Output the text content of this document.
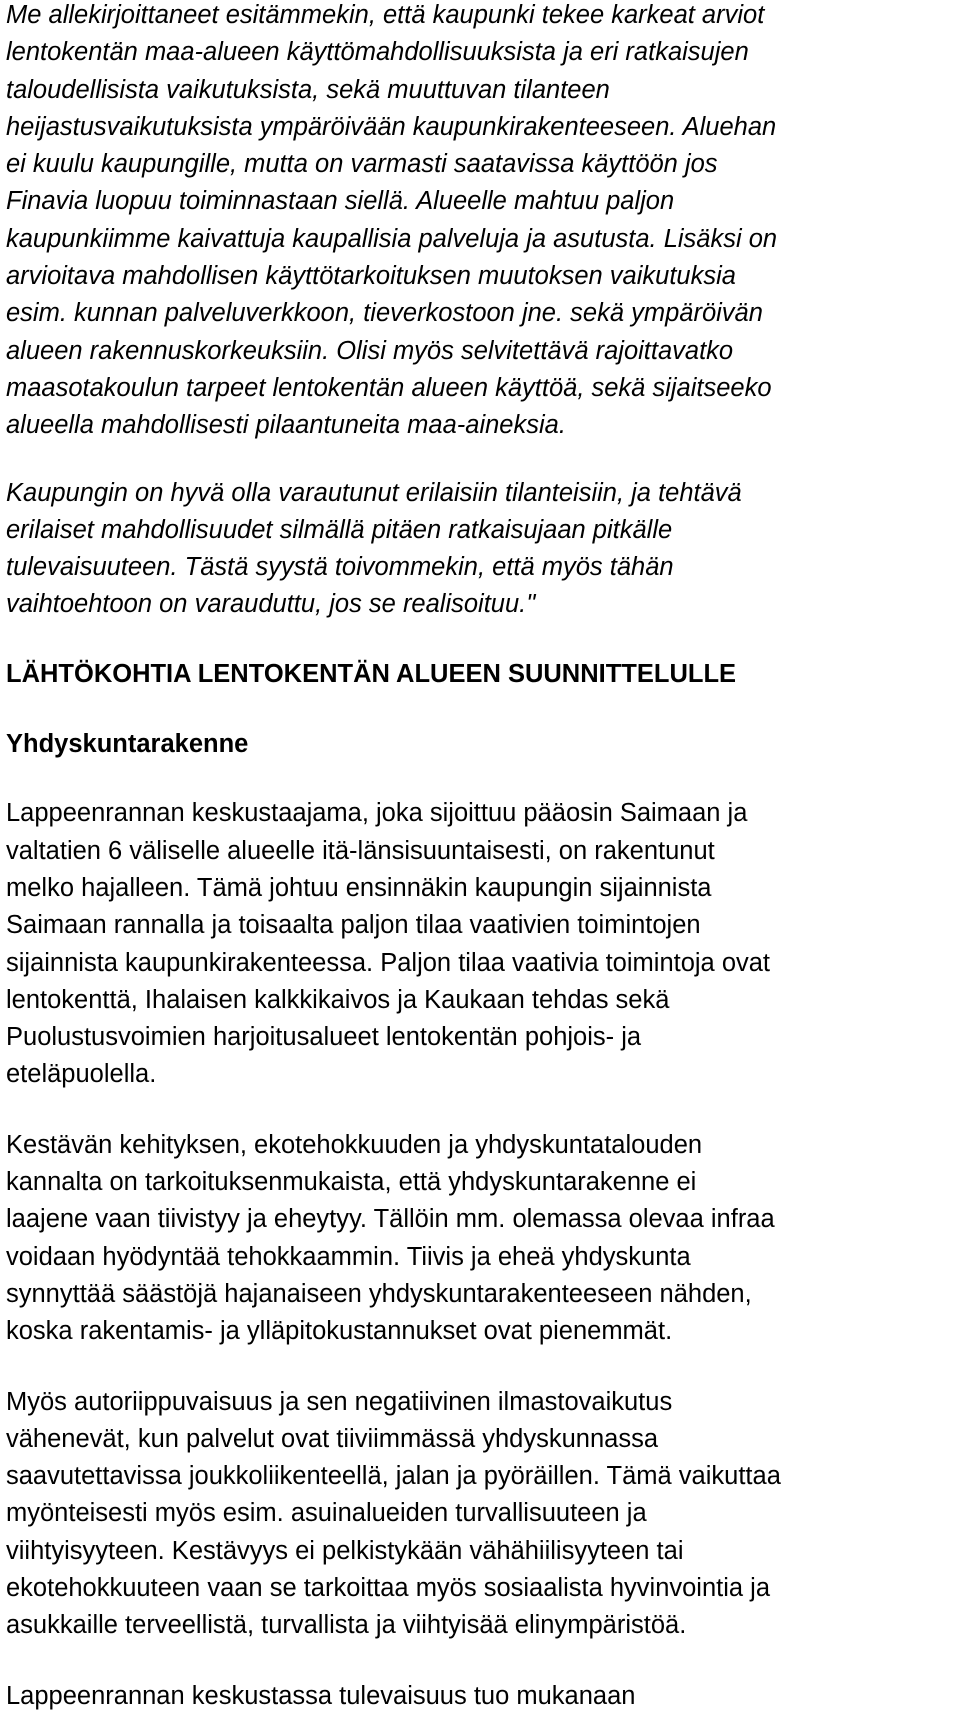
Me allekirjoittaneet esitämmekin, että kaupunki tekee karkeat arviot
lentokentän maa-alueen käyttömahdollisuuksista ja eri ratkaisujen
taloudellisista vaikutuksista, sekä muuttuvan tilanteen
heijastusvaikutuksista ympäröivään kaupunkirakenteeseen. Aluehan
ei kuulu kaupungille, mutta on varmasti saatavissa käyttöön jos
Finavia luopuu toiminnastaan siellä. Alueelle mahtuu paljon
kaupunkiimme kaivattuja kaupallisia palveluja ja asutusta. Lisäksi on
arvioitava mahdollisen käyttötarkoituksen muutoksen vaikutuksia
esim. kunnan palveluverkkoon, tieverkostoon jne. sekä ympäröivän
alueen rakennuskorkeuksiin. Olisi myös selvitettävä rajoittavatko
maasotakoulun tarpeet lentokentän alueen käyttöä, sekä sijaitseeko
alueella mahdollisesti pilaantuneita maa-aineksia.

Kaupungin on hyvä olla varautunut erilaisiin tilanteisiin, ja tehtävä
erilaiset mahdollisuudet silmällä pitäen ratkaisujaan pitkälle
tulevaisuuteen. Tästä syystä toivommekin, että myös tähän
vaihtoehtoon on varauduttu, jos se realisoituu."

LÄHTÖKOHTIA LENTOKENTÄN ALUEEN SUUNNITTELULLE
Yhdyskuntarakenne

Lappeenrannan keskustaajama, joka sijoittuu pääosin Saimaan ja
valtatien 6 väliselle alueelle itä-länsisuuntaisesti, on rakentunut
melko hajalleen. Tämä johtuu ensinnäkin kaupungin sijainnista
Saimaan rannalla ja toisaalta paljon tilaa vaativien toimintojen
sijainnista kaupunkirakenteessa. Paljon tilaa vaativia toimintoja ovat
lentokenttä, Ihalaisen kalkkikaivos ja Kaukaan tehdas sekä
Puolustusvoimien harjoitusalueet lentokentän pohjois- ja
eteläpuolella.

Kestävän kehityksen, ekotehokkuuden ja yhdyskuntatalouden
kannalta on tarkoituksenmukaista, että yhdyskuntarakenne ei
laajene vaan tiivistyy ja eheytyy. Tällöin mm. olemassa olevaa infraa
voidaan hyödyntää tehokkaammin. Tiivis ja eheä yhdyskunta
synnyttää säästöjä hajanaiseen yhdyskuntarakenteeseen nähden,
koska rakentamis- ja ylläpitokustannukset ovat pienemmät.

Myös autoriippuvaisuus ja sen negatiivinen ilmastovaikutus
vähenevät, kun palvelut ovat tiiviimmässä yhdyskunnassa
saavutettavissa joukkoliikenteellä, jalan ja pyöräillen. Tämä vaikuttaa
myönteisesti myös esim. asuinalueiden turvallisuuteen ja
viihtyisyyteen. Kestävyys ei pelkistykään vähähiilisyyteen tai
ekotehokkuuteen vaan se tarkoittaa myös sosiaalista hyvinvointia ja
asukkaille terveellistä, turvallista ja viihtyisää elinympäristöä.

Lappeenrannan keskustassa tulevaisuus tuo mukanaan
